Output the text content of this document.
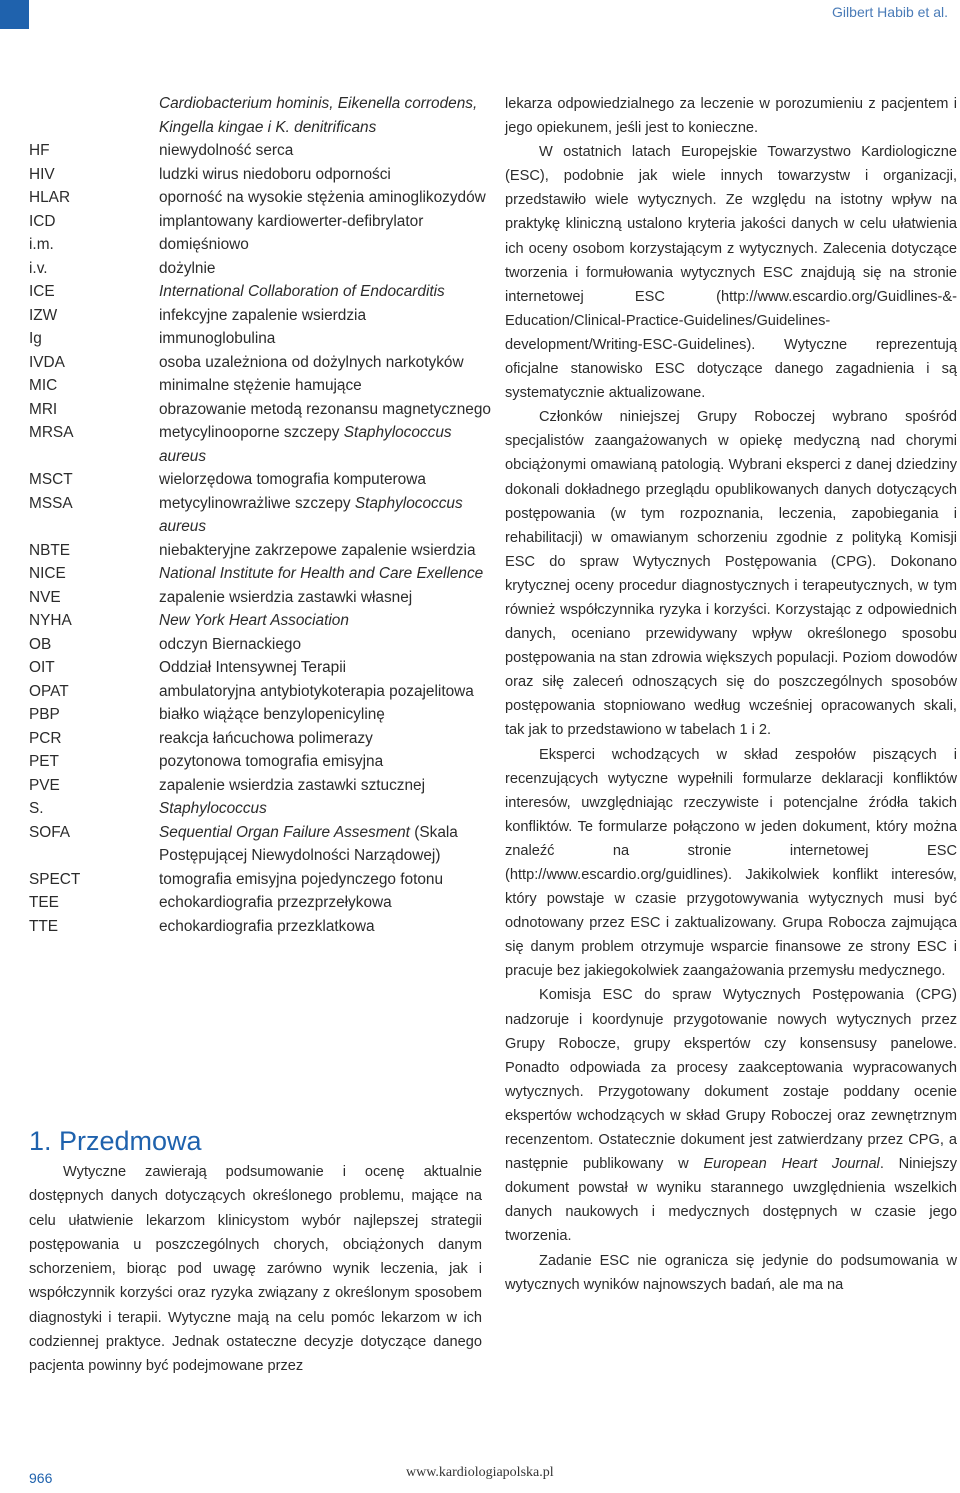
Gilbert Habib et al.
Cardiobacterium hominis, Eikenella corrodens, Kingella kingae i K. denitrificans
HF	niewydolność serca
HIV	ludzki wirus niedoboru odporności
HLAR	oporność na wysokie stężenia aminoglikozydów
ICD	implantowany kardiowerter-defibrylator
i.m.	domięśniowo
i.v.	dożylnie
ICE	International Collaboration of Endocarditis
IZW	infekcyjne zapalenie wsierdzia
Ig	immunoglobulina
IVDA	osoba uzależniona od dożylnych narkotyków
MIC	minimalne stężenie hamujące
MRI	obrazowanie metodą rezonansu magnetycznego
MRSA	metycylinooporne szczepy Staphylococcus aureus
MSCT	wielorzędowa tomografia komputerowa
MSSA	metycylinowrażliwe szczepy Staphylococcus aureus
NBTE	niebakteryjne zakrzepowe zapalenie wsierdzia
NICE	National Institute for Health and Care Exellence
NVE	zapalenie wsierdzia zastawki własnej
NYHA	New York Heart Association
OB	odczyn Biernackiego
OIT	Oddział Intensywnej Terapii
OPAT	ambulatoryjna antybiotykoterapia pozajelitowa
PBP	białko wiążące benzylopenicylinę
PCR	reakcja łańcuchowa polimerazy
PET	pozytonowa tomografia emisyjna
PVE	zapalenie wsierdzia zastawki sztucznej
S.	Staphylococcus
SOFA	Sequential Organ Failure Assesment (Skala Postępującej Niewydolności Narządowej)
SPECT	tomografia emisyjna pojedynczego fotonu
TEE	echokardiografia przezprzełykowa
TTE	echokardiografia przezklatkowa
1. Przedmowa
Wytyczne zawierają podsumowanie i ocenę aktualnie dostępnych danych dotyczących określonego problemu, mające na celu ułatwienie lekarzom klinicystom wybór najlepszej strategii postępowania u poszczególnych chorych, obciążonych danym schorzeniem, biorąc pod uwagę zarówno wynik leczenia, jak i współczynnik korzyści oraz ryzyka związany z określonym sposobem diagnostyki i terapii. Wytyczne mają na celu pomóc lekarzom w ich codziennej praktyce. Jednak ostateczne decyzje dotyczące danego pacjenta powinny być podejmowane przez

lekarza odpowiedzialnego za leczenie w porozumieniu z pacjentem i jego opiekunem, jeśli jest to konieczne.

W ostatnich latach Europejskie Towarzystwo Kardiologiczne (ESC), podobnie jak wiele innych towarzystw i organizacji, przedstawiło wiele wytycznych. Ze względu na istotny wpływ na praktykę kliniczną ustalono kryteria jakości danych w celu ułatwienia ich oceny osobom korzystającym z wytycznych. Zalecenia dotyczące tworzenia i formułowania wytycznych ESC znajdują się na stronie internetowej ESC (http://www.escardio.org/Guidlines-&-Education/Clinical-Practice-Guidelines/Guidelines-development/Writing-ESC-Guidelines). Wytyczne reprezentują oficjalne stanowisko ESC dotyczące danego zagadnienia i są systematycznie aktualizowane.

Członków niniejszej Grupy Roboczej wybrano spośród specjalistów zaangażowanych w opiekę medyczną nad chorymi obciążonymi omawianą patologią. Wybrani eksperci z danej dziedziny dokonali dokładnego przeglądu opublikowanych danych dotyczących postępowania (w tym rozpoznania, leczenia, zapobiegania i rehabilitacji) w omawianym schorzeniu zgodnie z polityką Komisji ESC do spraw Wytycznych Postępowania (CPG). Dokonano krytycznej oceny procedur diagnostycznych i terapeutycznych, w tym również współczynnika ryzyka i korzyści. Korzystając z odpowiednich danych, oceniano przewidywany wpływ określonego sposobu postępowania na stan zdrowia większych populacji. Poziom dowodów oraz siłę zaleceń odnoszących się do poszczególnych sposobów postępowania stopniowano według wcześniej opracowanych skali, tak jak to przedstawiono w tabelach 1 i 2.

Eksperci wchodzących w skład zespołów piszących i recenzujących wytyczne wypełnili formularze deklaracji konfliktów interesów, uwzględniając rzeczywiste i potencjalne źródła takich konfliktów. Te formularze połączono w jeden dokument, który można znaleźć na stronie internetowej ESC (http://www.escardio.org/guidlines). Jakikolwiek konflikt interesów, który powstaje w czasie przygotowywania wytycznych musi być odnotowany przez ESC i zaktualizowany. Grupa Robocza zajmująca się danym problem otrzymuje wsparcie finansowe ze strony ESC i pracuje bez jakiegokolwiek zaangażowania przemysłu medycznego.

Komisja ESC do spraw Wytycznych Postępowania (CPG) nadzoruje i koordynuje przygotowanie nowych wytycznych przez Grupy Robocze, grupy ekspertów czy konsensusy panelowe. Ponadto odpowiada za procesy zaakceptowania wypracowanych wytycznych. Przygotowany dokument zostaje poddany ocenie ekspertów wchodzących w skład Grupy Roboczej oraz zewnętrznym recenzentom. Ostatecznie dokument jest zatwierdzany przez CPG, a następnie publikowany w European Heart Journal. Niniejszy dokument powstał w wyniku starannego uwzględnienia wszelkich danych naukowych i medycznych dostępnych w czasie jego tworzenia.

Zadanie ESC nie ogranicza się jedynie do podsumowania w wytycznych wyników najnowszych badań, ale ma na

966	www.kardiologiapolska.pl
